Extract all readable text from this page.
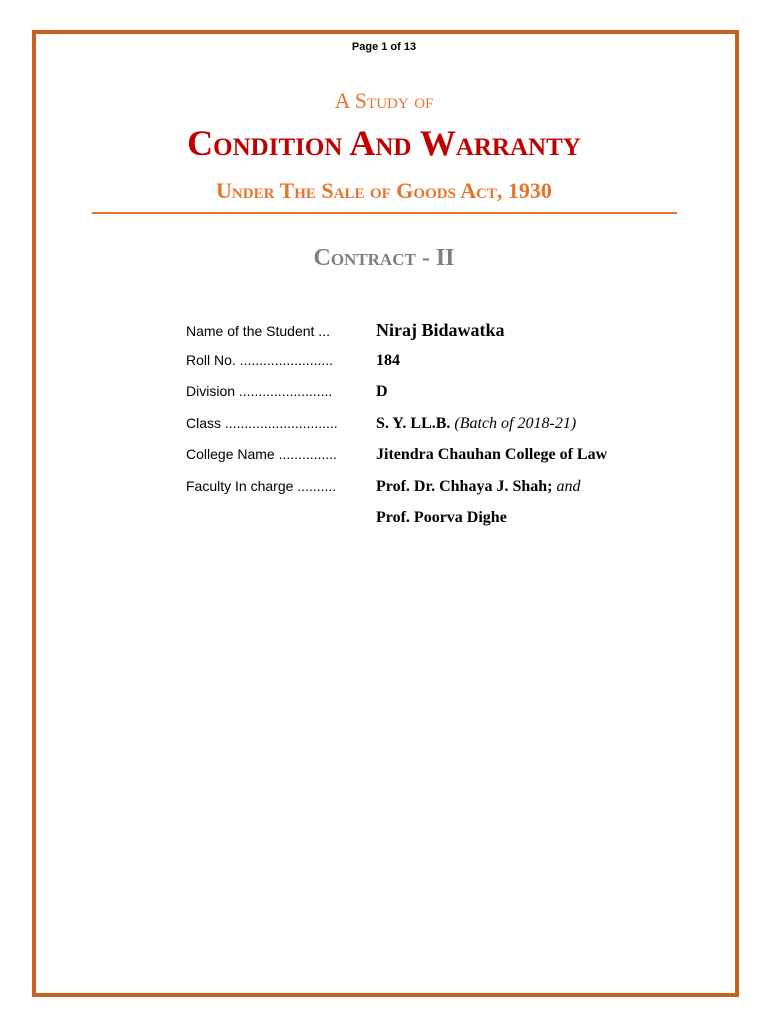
Page 1 of 13
A Study of
Condition And Warranty
Under The Sale of Goods Act, 1930
Contract - II
Name of the Student ...	Niraj Bidawatka
Roll No. ........................	184
Division ........................	D
Class .............................	S. Y. LL.B. (Batch of 2018-21)
College Name ...............	Jitendra Chauhan College of Law
Faculty In charge ..........	Prof. Dr. Chhaya J. Shah; and
Prof. Poorva Dighe
